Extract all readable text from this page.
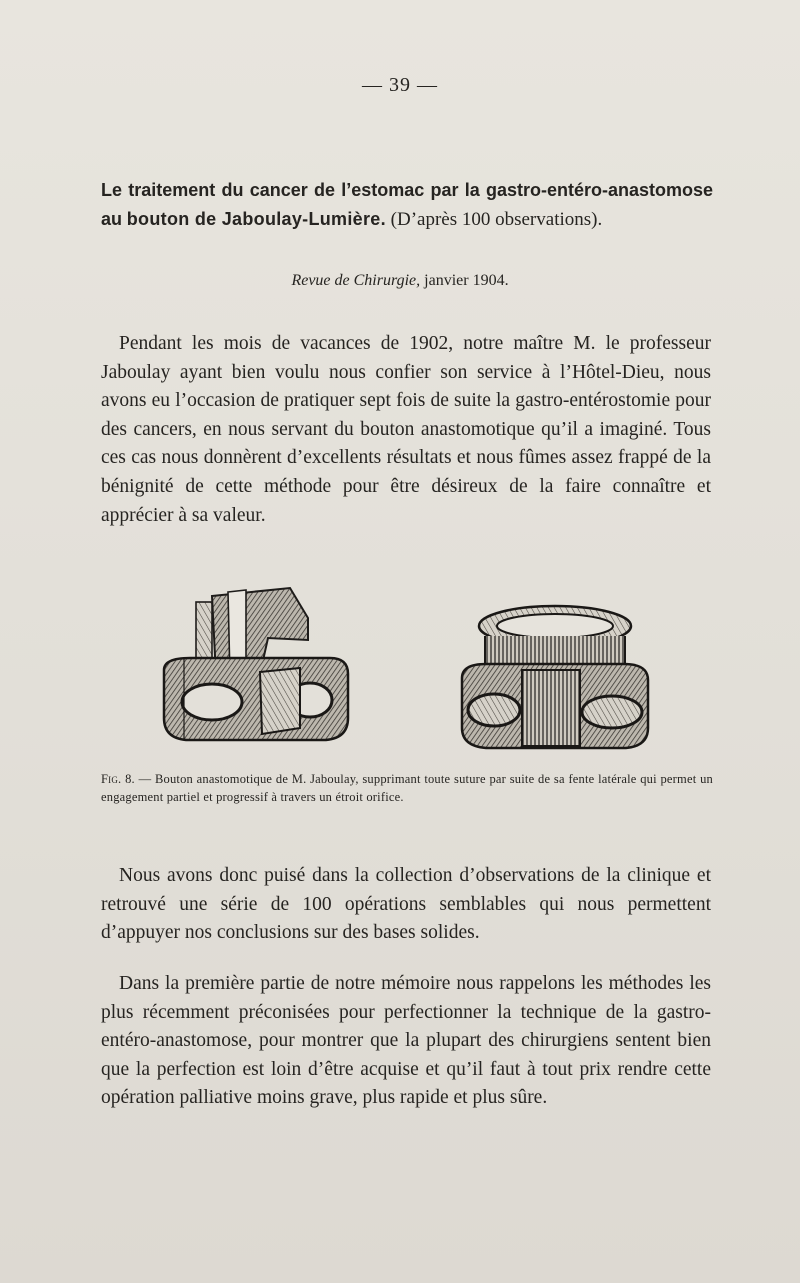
— 39 —
Le traitement du cancer de l’estomac par la gastro-entéro-anastomose au bouton de Jaboulay-Lumière. (D’après 100 observations).
Revue de Chirurgie, janvier 1904.

Pendant les mois de vacances de 1902, notre maître M. le professeur Jaboulay ayant bien voulu nous confier son service à l’Hôtel-Dieu, nous avons eu l’occasion de pratiquer sept fois de suite la gastro-entérostomie pour des cancers, en nous servant du bouton anastomotique qu’il a imaginé. Tous ces cas nous donnèrent d’excellents résultats et nous fûmes assez frappé de la bénignité de cette méthode pour être désireux de la faire connaître et apprécier à sa valeur.

Fig. 8. — Bouton anastomotique de M. Jaboulay, supprimant toute suture par suite de sa fente latérale qui permet un engagement partiel et progressif à travers un étroit orifice.

Nous avons donc puisé dans la collection d’observations de la clinique et retrouvé une série de 100 opérations semblables qui nous permettent d’appuyer nos conclusions sur des bases solides.

Dans la première partie de notre mémoire nous rappelons les méthodes les plus récemment préconisées pour perfectionner la technique de la gastro-entéro-anastomose, pour montrer que la plupart des chirurgiens sentent bien que la perfection est loin d’être acquise et qu’il faut à tout prix rendre cette opération palliative moins grave, plus rapide et plus sûre.
